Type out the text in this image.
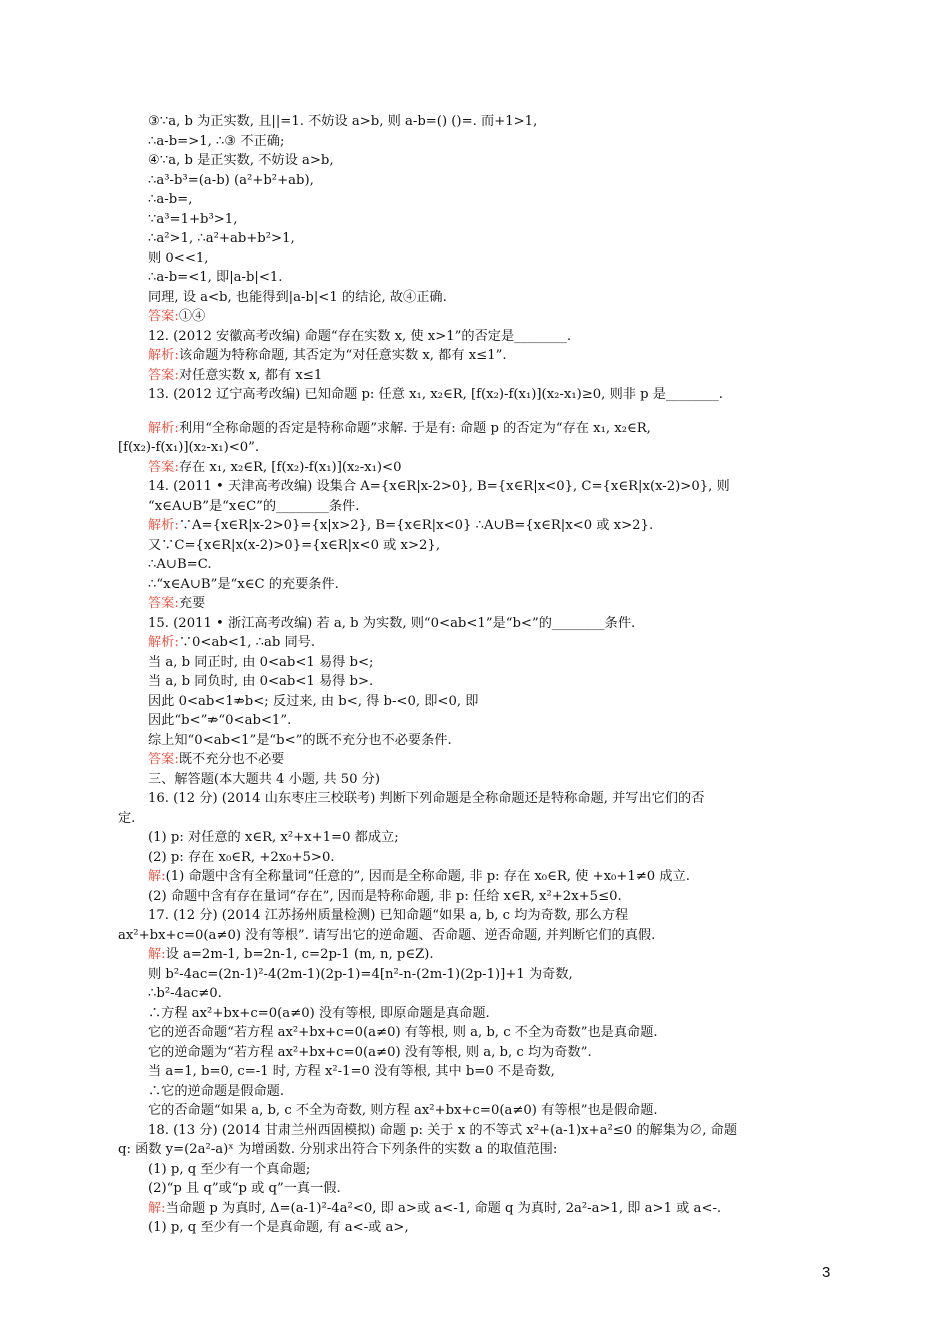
③∵a, b 为正实数, 且||=1. 不妨设 a>b, 则 a-b=() ()=. 而+1>1,
∴a-b=>1, ∴③ 不正确;
④∵a, b 是正实数, 不妨设 a>b,
∴a³-b³=(a-b) (a²+b²+ab),
∴a-b=,
∵a³=1+b³>1,
∴a²>1, ∴a²+ab+b²>1,
则 0<<1,
∴a-b=<1, 即|a-b|<1.
同理, 设 a<b, 也能得到|a-b|<1 的结论, 故④正确.
答案:①④
12. (2012 安徽高考改编) 命题“存在实数 x, 使 x>1”的否定是________.
解析:该命题为特称命题, 其否定为“对任意实数 x, 都有 x≤1”.
答案:对任意实数 x, 都有 x≤1
13. (2012 辽宁高考改编) 已知命题 p: 任意 x₁, x₂∈R, [f(x₂)-f(x₁)](x₂-x₁)≥0, 则非 p 是________.
解析:利用“全称命题的否定是特称命题”求解. 于是有: 命题 p 的否定为“存在 x₁, x₂∈R,
[f(x₂)-f(x₁)](x₂-x₁)<0”.
答案:存在 x₁, x₂∈R, [f(x₂)-f(x₁)](x₂-x₁)<0
14. (2011 • 天津高考改编) 设集合 A={x∈R|x-2>0}, B={x∈R|x<0}, C={x∈R|x(x-2)>0}, 则
“x∈A∪B”是“x∈C”的________条件.
解析:∵A={x∈R|x-2>0}={x|x>2}, B={x∈R|x<0} ∴A∪B={x∈R|x<0 或 x>2}.
又∵C={x∈R|x(x-2)>0}={x∈R|x<0 或 x>2},
∴A∪B=C.
∴“x∈A∪B”是“x∈C 的充要条件.
答案:充要
15. (2011 • 浙江高考改编) 若 a, b 为实数, 则“0<ab<1”是“b<”的________条件.
解析:∵0<ab<1, ∴ab 同号.
当 a, b 同正时, 由 0<ab<1 易得 b<;
当 a, b 同负时, 由 0<ab<1 易得 b>.
因此 0<ab<1⇏b<; 反过来, 由 b<, 得 b-<0, 即<0, 即
因此“b<”⇏“0<ab<1”.
综上知“0<ab<1”是“b<”的既不充分也不必要条件.
答案:既不充分也不必要
三、解答题(本大题共 4 小题, 共 50 分)
16. (12 分) (2014 山东枣庄三校联考) 判断下列命题是全称命题还是特称命题, 并写出它们的否
定.
(1) p: 对任意的 x∈R, x²+x+1=0 都成立;
(2) p: 存在 x₀∈R, +2x₀+5>0.
解:(1) 命题中含有全称量词“任意的”, 因而是全称命题, 非 p: 存在 x₀∈R, 使 +x₀+1≠0 成立.
(2) 命题中含有存在量词“存在”, 因而是特称命题, 非 p: 任给 x∈R, x²+2x+5≤0.
17. (12 分) (2014 江苏扬州质量检测) 已知命题“如果 a, b, c 均为奇数, 那么方程
ax²+bx+c=0(a≠0) 没有等根”. 请写出它的逆命题、否命题、逆否命题, 并判断它们的真假.
解:设 a=2m-1, b=2n-1, c=2p-1 (m, n, p∈Z).
则 b²-4ac=(2n-1)²-4(2m-1)(2p-1)=4[n²-n-(2m-1)(2p-1)]+1 为奇数,
∴b²-4ac≠0.
∴方程 ax²+bx+c=0(a≠0) 没有等根, 即原命题是真命题.
它的逆否命题“若方程 ax²+bx+c=0(a≠0) 有等根, 则 a, b, c 不全为奇数”也是真命题.
它的逆命题为“若方程 ax²+bx+c=0(a≠0) 没有等根, 则 a, b, c 均为奇数”.
当 a=1, b=0, c=-1 时, 方程 x²-1=0 没有等根, 其中 b=0 不是奇数,
∴它的逆命题是假命题.
它的否命题“如果 a, b, c 不全为奇数, 则方程 ax²+bx+c=0(a≠0) 有等根”也是假命题.
18. (13 分) (2014 甘肃兰州西固模拟) 命题 p: 关于 x 的不等式 x²+(a-1)x+a²≤0 的解集为∅, 命题
q: 函数 y=(2a²-a)ˣ 为增函数. 分别求出符合下列条件的实数 a 的取值范围:
(1) p, q 至少有一个真命题;
(2)“p 且 q”或“p 或 q”一真一假.
解:当命题 p 为真时, Δ=(a-1)²-4a²<0, 即 a>或 a<-1, 命题 q 为真时, 2a²-a>1, 即 a>1 或 a<-.
(1) p, q 至少有一个是真命题, 有 a<-或 a>,
3
